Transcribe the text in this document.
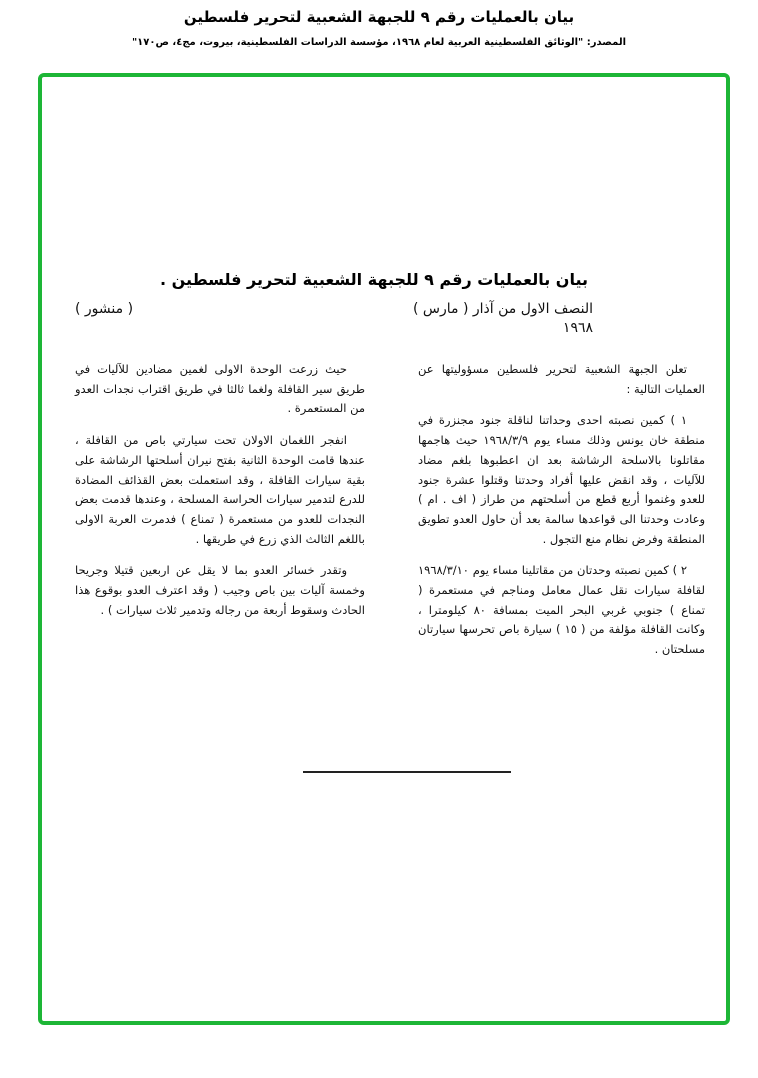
بيان بالعمليات رقم ٩ للجبهة الشعبية لتحرير فلسطين
المصدر: "الوثائق الفلسطينية العربية لعام ١٩٦٨، مؤسسة الدراسات الفلسطينية، بيروت، مج٤، ص١٧٠"
بيان بالعمليات رقم ٩ للجبهة الشعبية لتحرير فلسطين .
النصف الاول من آذار ( مارس )
١٩٦٨
( منشور )

تعلن الجبهة الشعبية لتحرير فلسطين مسؤوليتها عن العمليات التالية :

١ ) كمين نصبته احدى وحداتنا لناقلة جنود مجنزرة في منطقة خان يونس وذلك مساء يوم ١٩٦٨/٣/٩ حيث هاجمها مقاتلونا بالاسلحة الرشاشة بعد ان اعطبوها بلغم مضاد للآليات ، وقد انقض عليها أفراد وحدتنا وقتلوا عشرة جنود للعدو وغنموا أربع قطع من أسلحتهم من طراز ( اف . ام ) وعادت وحدتنا الى قواعدها سالمة بعد أن حاول العدو تطويق المنطقة وفرض نظام منع التجول .

٢ ) كمين نصبته وحدتان من مقاتلينا مساء يوم ١٩٦٨/٣/١٠ لقافلة سيارات نقل عمال معامل ومناجم في مستعمرة ( تمناع ) جنوبي غربي البحر الميت بمسافة ٨٠ كيلومترا ، وكانت القافلة مؤلفة من ( ١٥ ) سيارة باص تحرسها سيارتان مسلحتان .

حيث زرعت الوحدة الاولى لغمين مضادين للآليات في طريق سير القافلة ولغما ثالثا في طريق اقتراب نجدات العدو من المستعمرة .

انفجر اللغمان الاولان تحت سيارتي باص من القافلة ، عندها قامت الوحدة الثانية بفتح نيران أسلحتها الرشاشة على بقية سيارات القافلة ، وقد استعملت بعض القذائف المضادة للدرع لتدمير سيارات الحراسة المسلحة ، وعندها قدمت بعض النجدات للعدو من مستعمرة ( تمناع ) فدمرت العربة الاولى باللغم الثالث الذي زرع في طريقها .

وتقدر خسائر العدو بما لا يقل عن اربعين قتيلا وجريحا وخمسة آليات بين باص وجيب ( وقد اعترف العدو بوقوع هذا الحادث وسقوط أربعة من رجاله وتدمير ثلاث سيارات ) .
